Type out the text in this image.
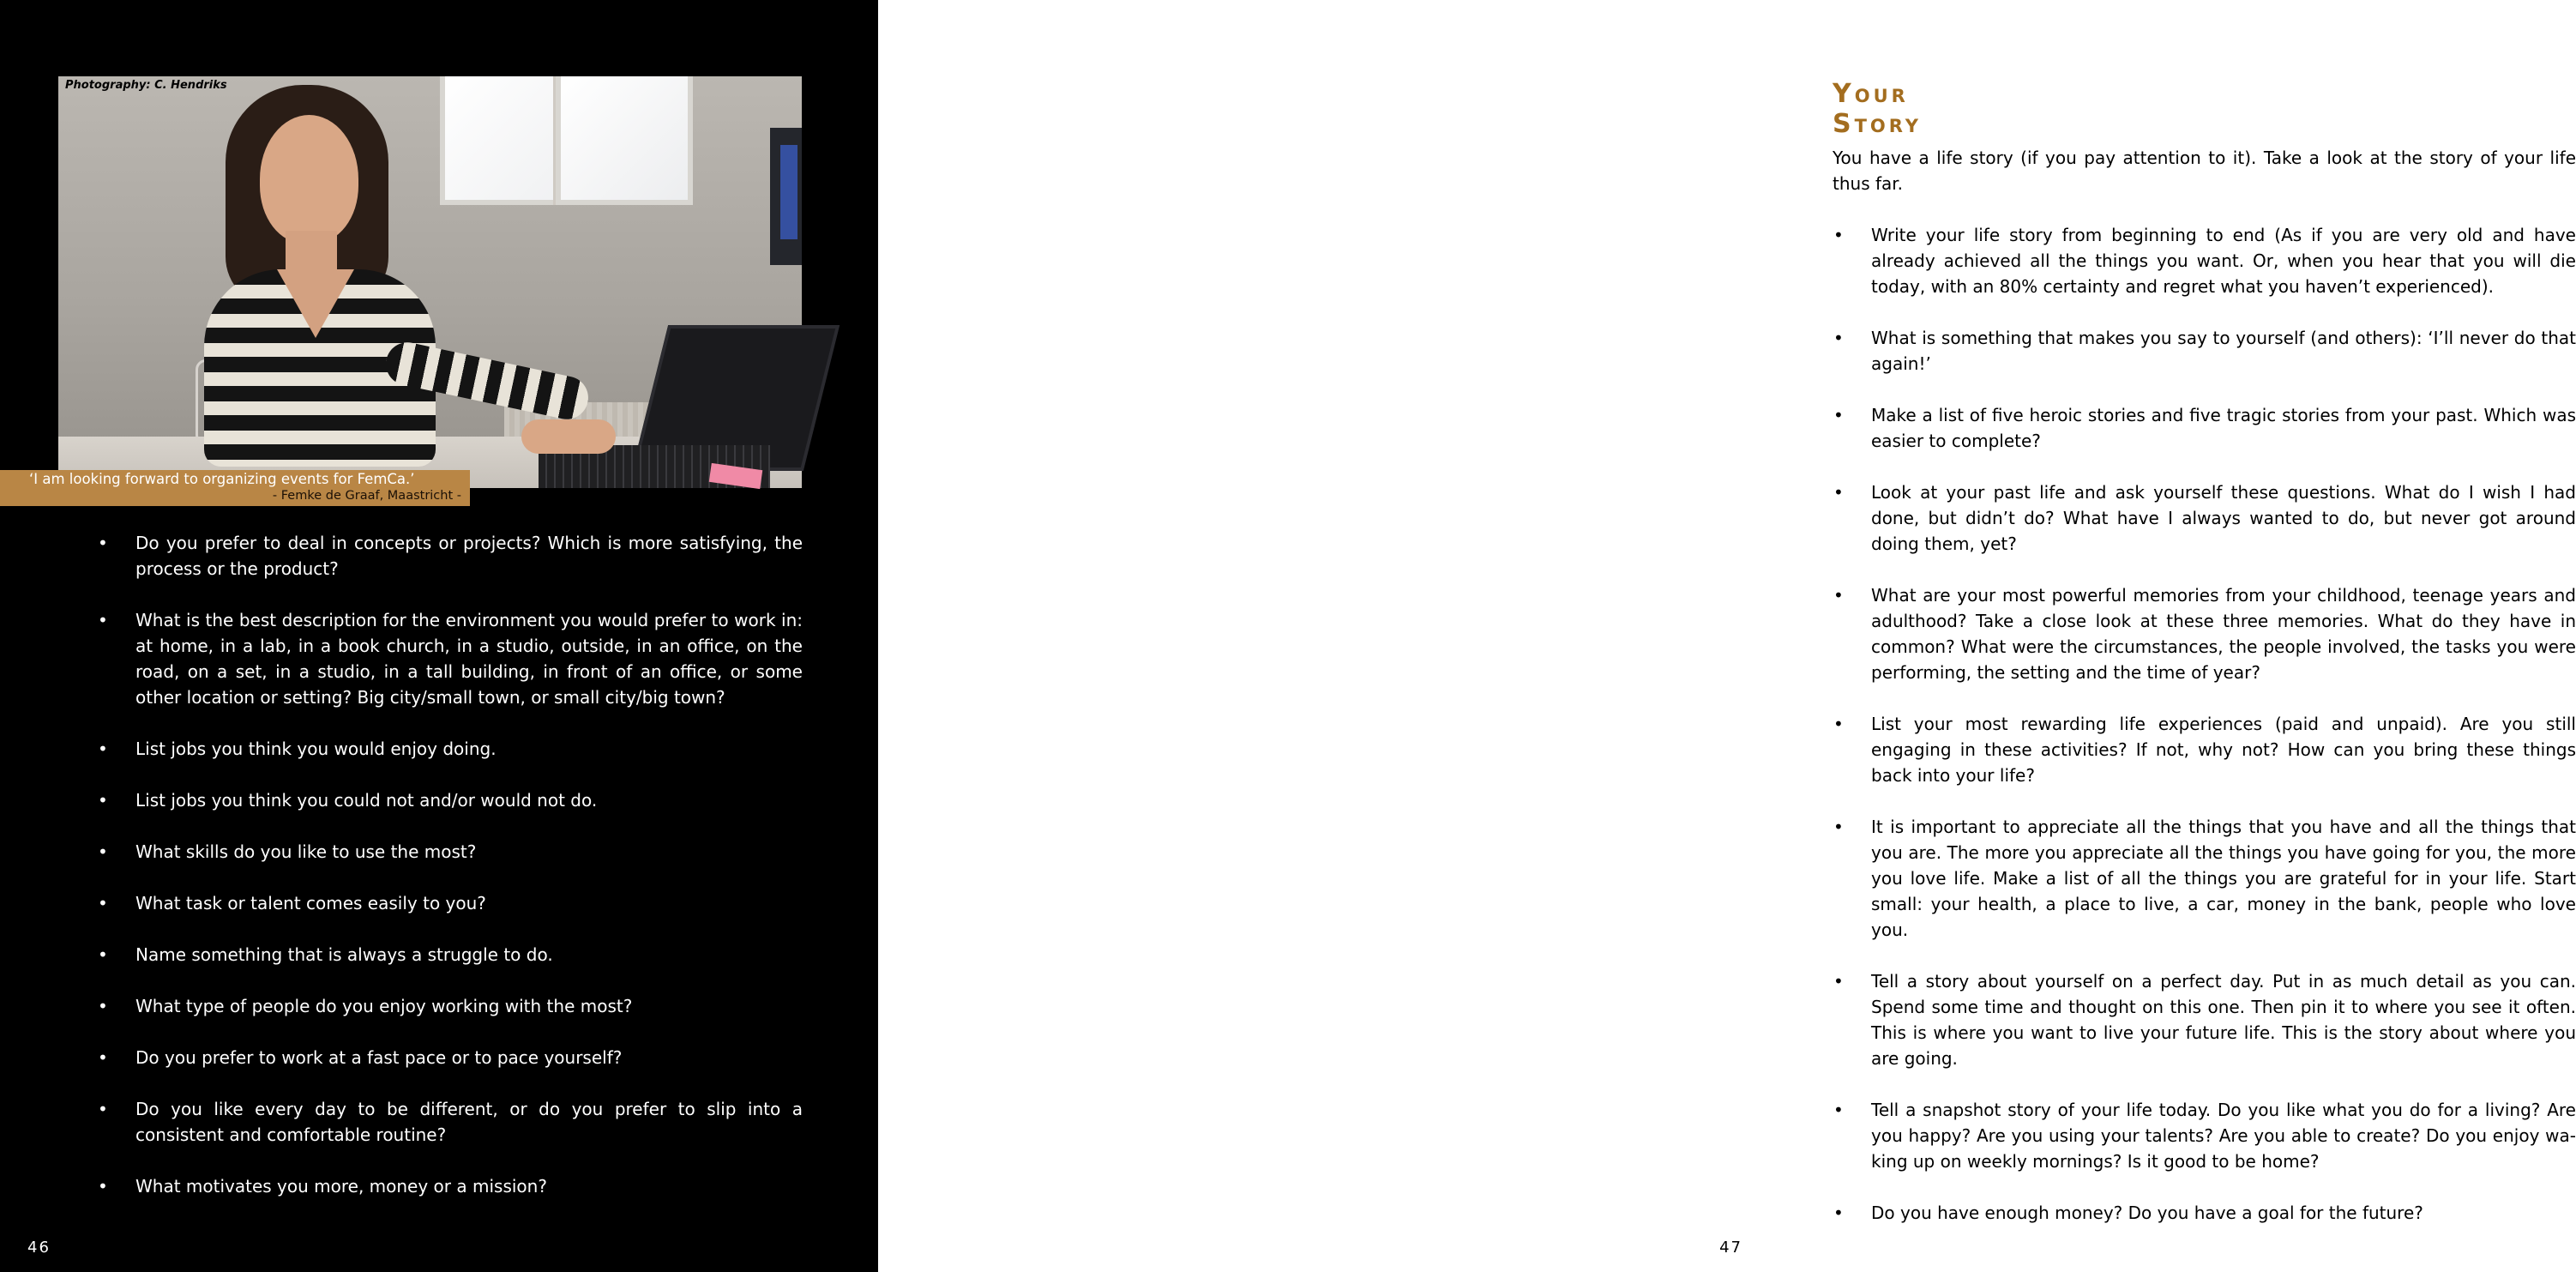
Photography: C. Hendriks
‘I am looking forward to organizing events for FemCa.’
- Femke de Graaf, Maastricht -
• Do you prefer to deal in concepts or projects? Which is more satisfying, the process or the product?
• What is the best description for the environment you would prefer to work in: at home, in a lab, in a book church, in a studio, outside, in an office, on the road, on a set, in a studio, in a tall building, in front of an office, or some other location or setting? Big city/small town, or small city/big town?
• List jobs you think you would enjoy doing.
• List jobs you think you could not and/or would not do.
• What skills do you like to use the most?
• What task or talent comes easily to you?
• Name something that is always a struggle to do.
• What type of people do you enjoy working with the most?
• Do you prefer to work at a fast pace or to pace yourself?
• Do you like every day to be different, or do you prefer to slip into a consistent and comfortable routine?
• What motivates you more, money or a mission?
46
Your Story

You have a life story (if you pay attention to it). Take a look at the story of your life thus far.

• Write your life story from beginning to end (As if you are very old and have already achieved all the things you want. Or, when you hear that you will die today, with an 80% certainty and regret what you haven’t experienced).
• What is something that makes you say to yourself (and others): ‘I’ll never do that again!’
• Make a list of five heroic stories and five tragic stories from your past. Which was easier to complete?
• Look at your past life and ask yourself these questions. What do I wish I had done, but didn’t do? What have I always wanted to do, but never got around doing them, yet?
• What are your most powerful memories from your childhood, teenage years and adulthood? Take a close look at these three memories. What do they have in common? What were the circumstances, the people involved, the tasks you were performing, the setting and the time of year?
• List your most rewarding life experiences (paid and unpaid). Are you still engaging in these activities? If not, why not? How can you bring these things back into your life?
• It is important to appreciate all the things that you have and all the things that you are. The more you appreciate all the things you have going for you, the more you love life. Make a list of all the things you are grateful for in your life. Start small: your health, a place to live, a car, money in the bank, people who love you.
• Tell a story about yourself on a perfect day. Put in as much detail as you can. Spend some time and thought on this one. Then pin it to where you see it often. This is where you want to live your future life. This is the story about where you are going.
• Tell a snapshot story of your life today. Do you like what you do for a living? Are you happy? Are you using your talents? Are you able to create? Do you enjoy wa-king up on weekly mornings? Is it good to be home?
• Do you have enough money? Do you have a goal for the future?
47
